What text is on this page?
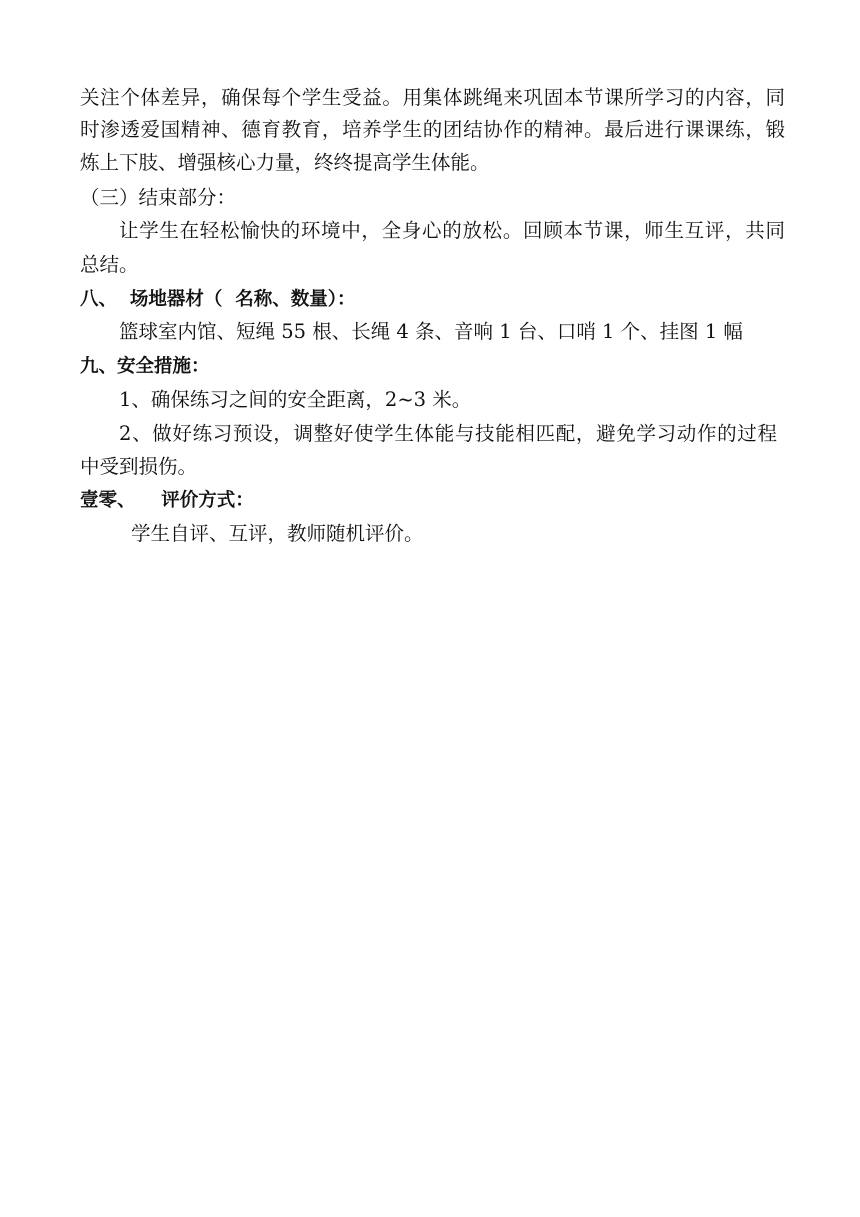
关注个体差异，确保每个学生受益。用集体跳绳来巩固本节课所学习的内容，同
时渗透爱国精神、德育教育，培养学生的团结协作的精神。最后进行课课练，锻
炼上下肢、增强核心力量，终终提高学生体能。
（三）结束部分：
让学生在轻松愉快的环境中，全身心的放松。回顾本节课，师生互评，共同
总结。
八、  场地器材（  名称、数量）：
篮球室内馆、短绳 55 根、长绳 4 条、音响 1 台、口哨 1 个、挂图 1 幅
九、安全措施：
1、确保练习之间的安全距离，2~3 米。
2、做好练习预设，调整好使学生体能与技能相匹配，避免学习动作的过程
中受到损伤。
壹零、    评价方式：
学生自评、互评，教师随机评价。
